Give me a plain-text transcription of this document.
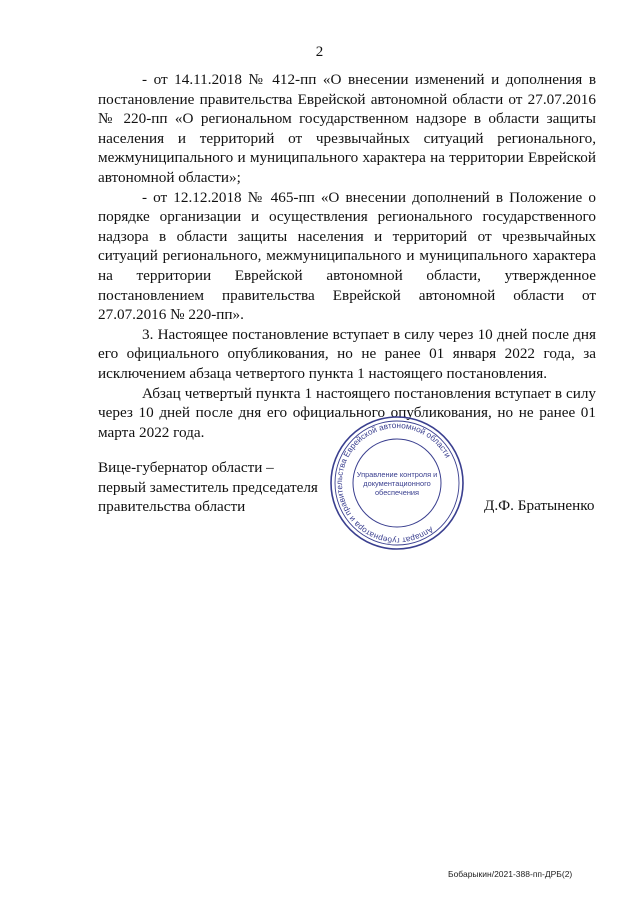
2

- от 14.11.2018 № 412-пп «О внесении изменений и дополнения в постановление правительства Еврейской автономной области от 27.07.2016 № 220-пп «О региональном государственном надзоре в области защиты населения и территорий от чрезвычайных ситуаций регионального, межмуниципального и муниципального характера на территории Еврейской автономной области»;

- от 12.12.2018 № 465-пп «О внесении дополнений в Положение о порядке организации и осуществления регионального государственного надзора в области защиты населения и территорий от чрезвычайных ситуаций регионального, межмуниципального и муниципального характера на территории Еврейской автономной области, утвержденное постановлением правительства Еврейской автономной области от 27.07.2016 № 220-пп».

3. Настоящее постановление вступает в силу через 10 дней после дня его официального опубликования, но не ранее 01 января 2022 года, за исключением абзаца четвертого пункта 1 настоящего постановления.

Абзац четвертый пункта 1 настоящего постановления вступает в силу через 10 дней после дня его официального опубликования, но не ранее 01 марта 2022 года.

Вице-губернатор области –
первый заместитель председателя
правительства области
Аппарат губернатора и правительства Еврейской автономной области
Управление контроля и
документационного
обеспечения
Д.Ф. Братыненко
Бобарыкин/2021-388-пп-ДРБ(2)
